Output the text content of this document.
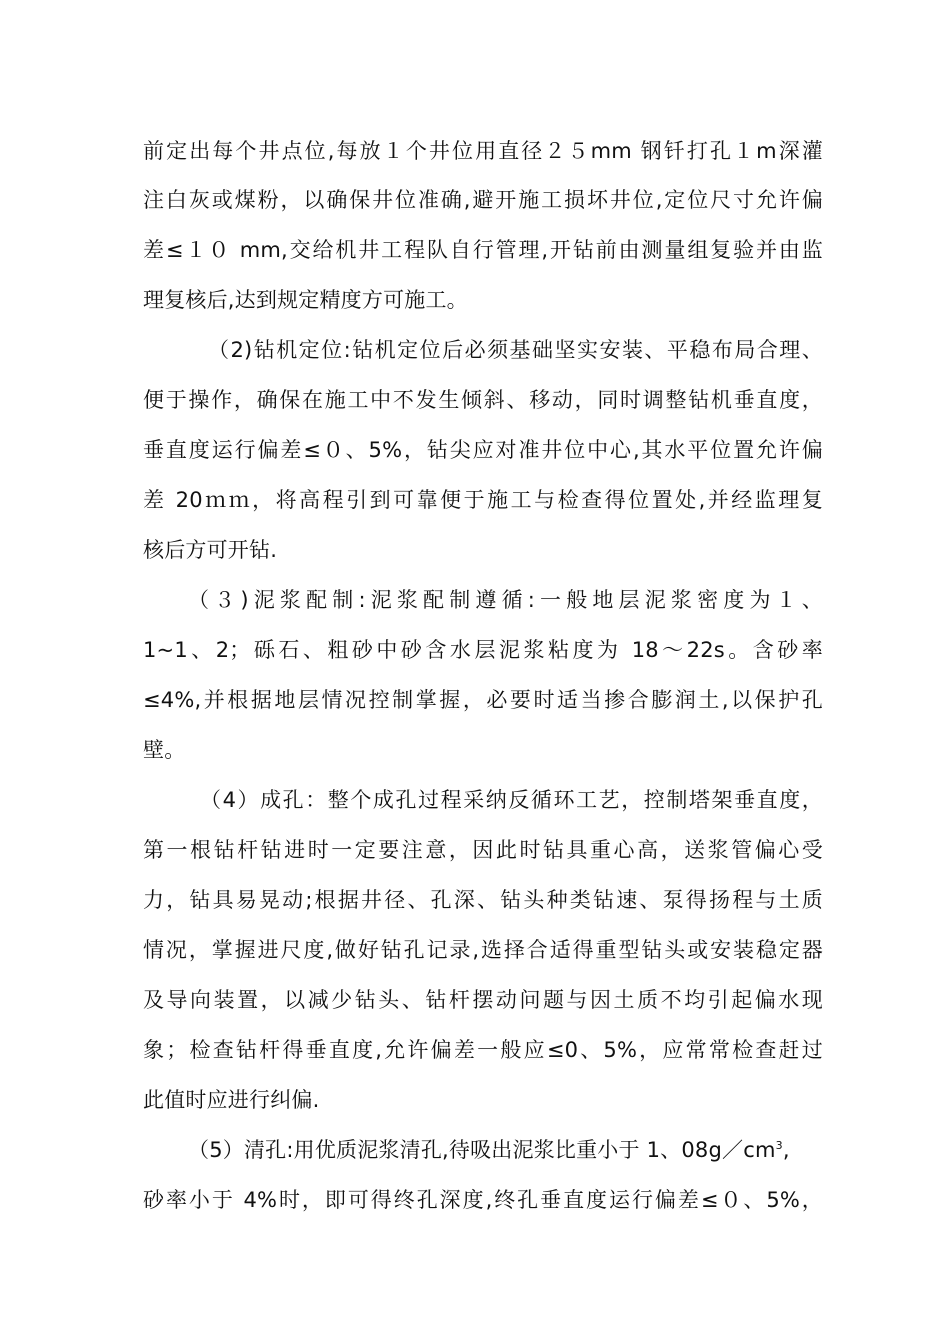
前定出每个井点位,每放１个井位用直径２５mm 钢钎打孔１m深灌
注白灰或煤粉，以确保井位准确,避开施工损坏井位,定位尺寸允许偏
差≤１０ mm,交给机井工程队自行管理,开钻前由测量组复验并由监
理复核后,达到规定精度方可施工。
（2)钻机定位:钻机定位后必须基础坚实安装、平稳布局合理、
便于操作，确保在施工中不发生倾斜、移动，同时调整钻机垂直度，
垂直度运行偏差≤０、5%，钻尖应对准井位中心,其水平位置允许偏
差 20ｍｍ，将高程引到可靠便于施工与检查得位置处,并经监理复
核后方可开钻.
（３)泥浆配制:泥浆配制遵循:一般地层泥浆密度为１、
1~1、2；砾石、粗砂中砂含水层泥浆粘度为 18～22s。含砂率
≤4%,并根据地层情况控制掌握，必要时适当掺合膨润土,以保护孔
壁。
（4）成孔：整个成孔过程采纳反循环工艺，控制塔架垂直度，
第一根钻杆钻进时一定要注意，因此时钻具重心高，送浆管偏心受
力，钻具易晃动;根据井径、孔深、钻头种类钻速、泵得扬程与土质
情况，掌握进尺度,做好钻孔记录,选择合适得重型钻头或安装稳定器
及导向装置，以减少钻头、钻杆摆动问题与因土质不均引起偏水现
象；检查钻杆得垂直度,允许偏差一般应≤0、5%，应常常检查赶过
此值时应进行纠偏.
（5）清孔:用优质泥浆清孔,待吸出泥浆比重小于 1、$08g/cm^3$,
砂率小于 4%时，即可得终孔深度,终孔垂直度运行偏差≤０、5%，
